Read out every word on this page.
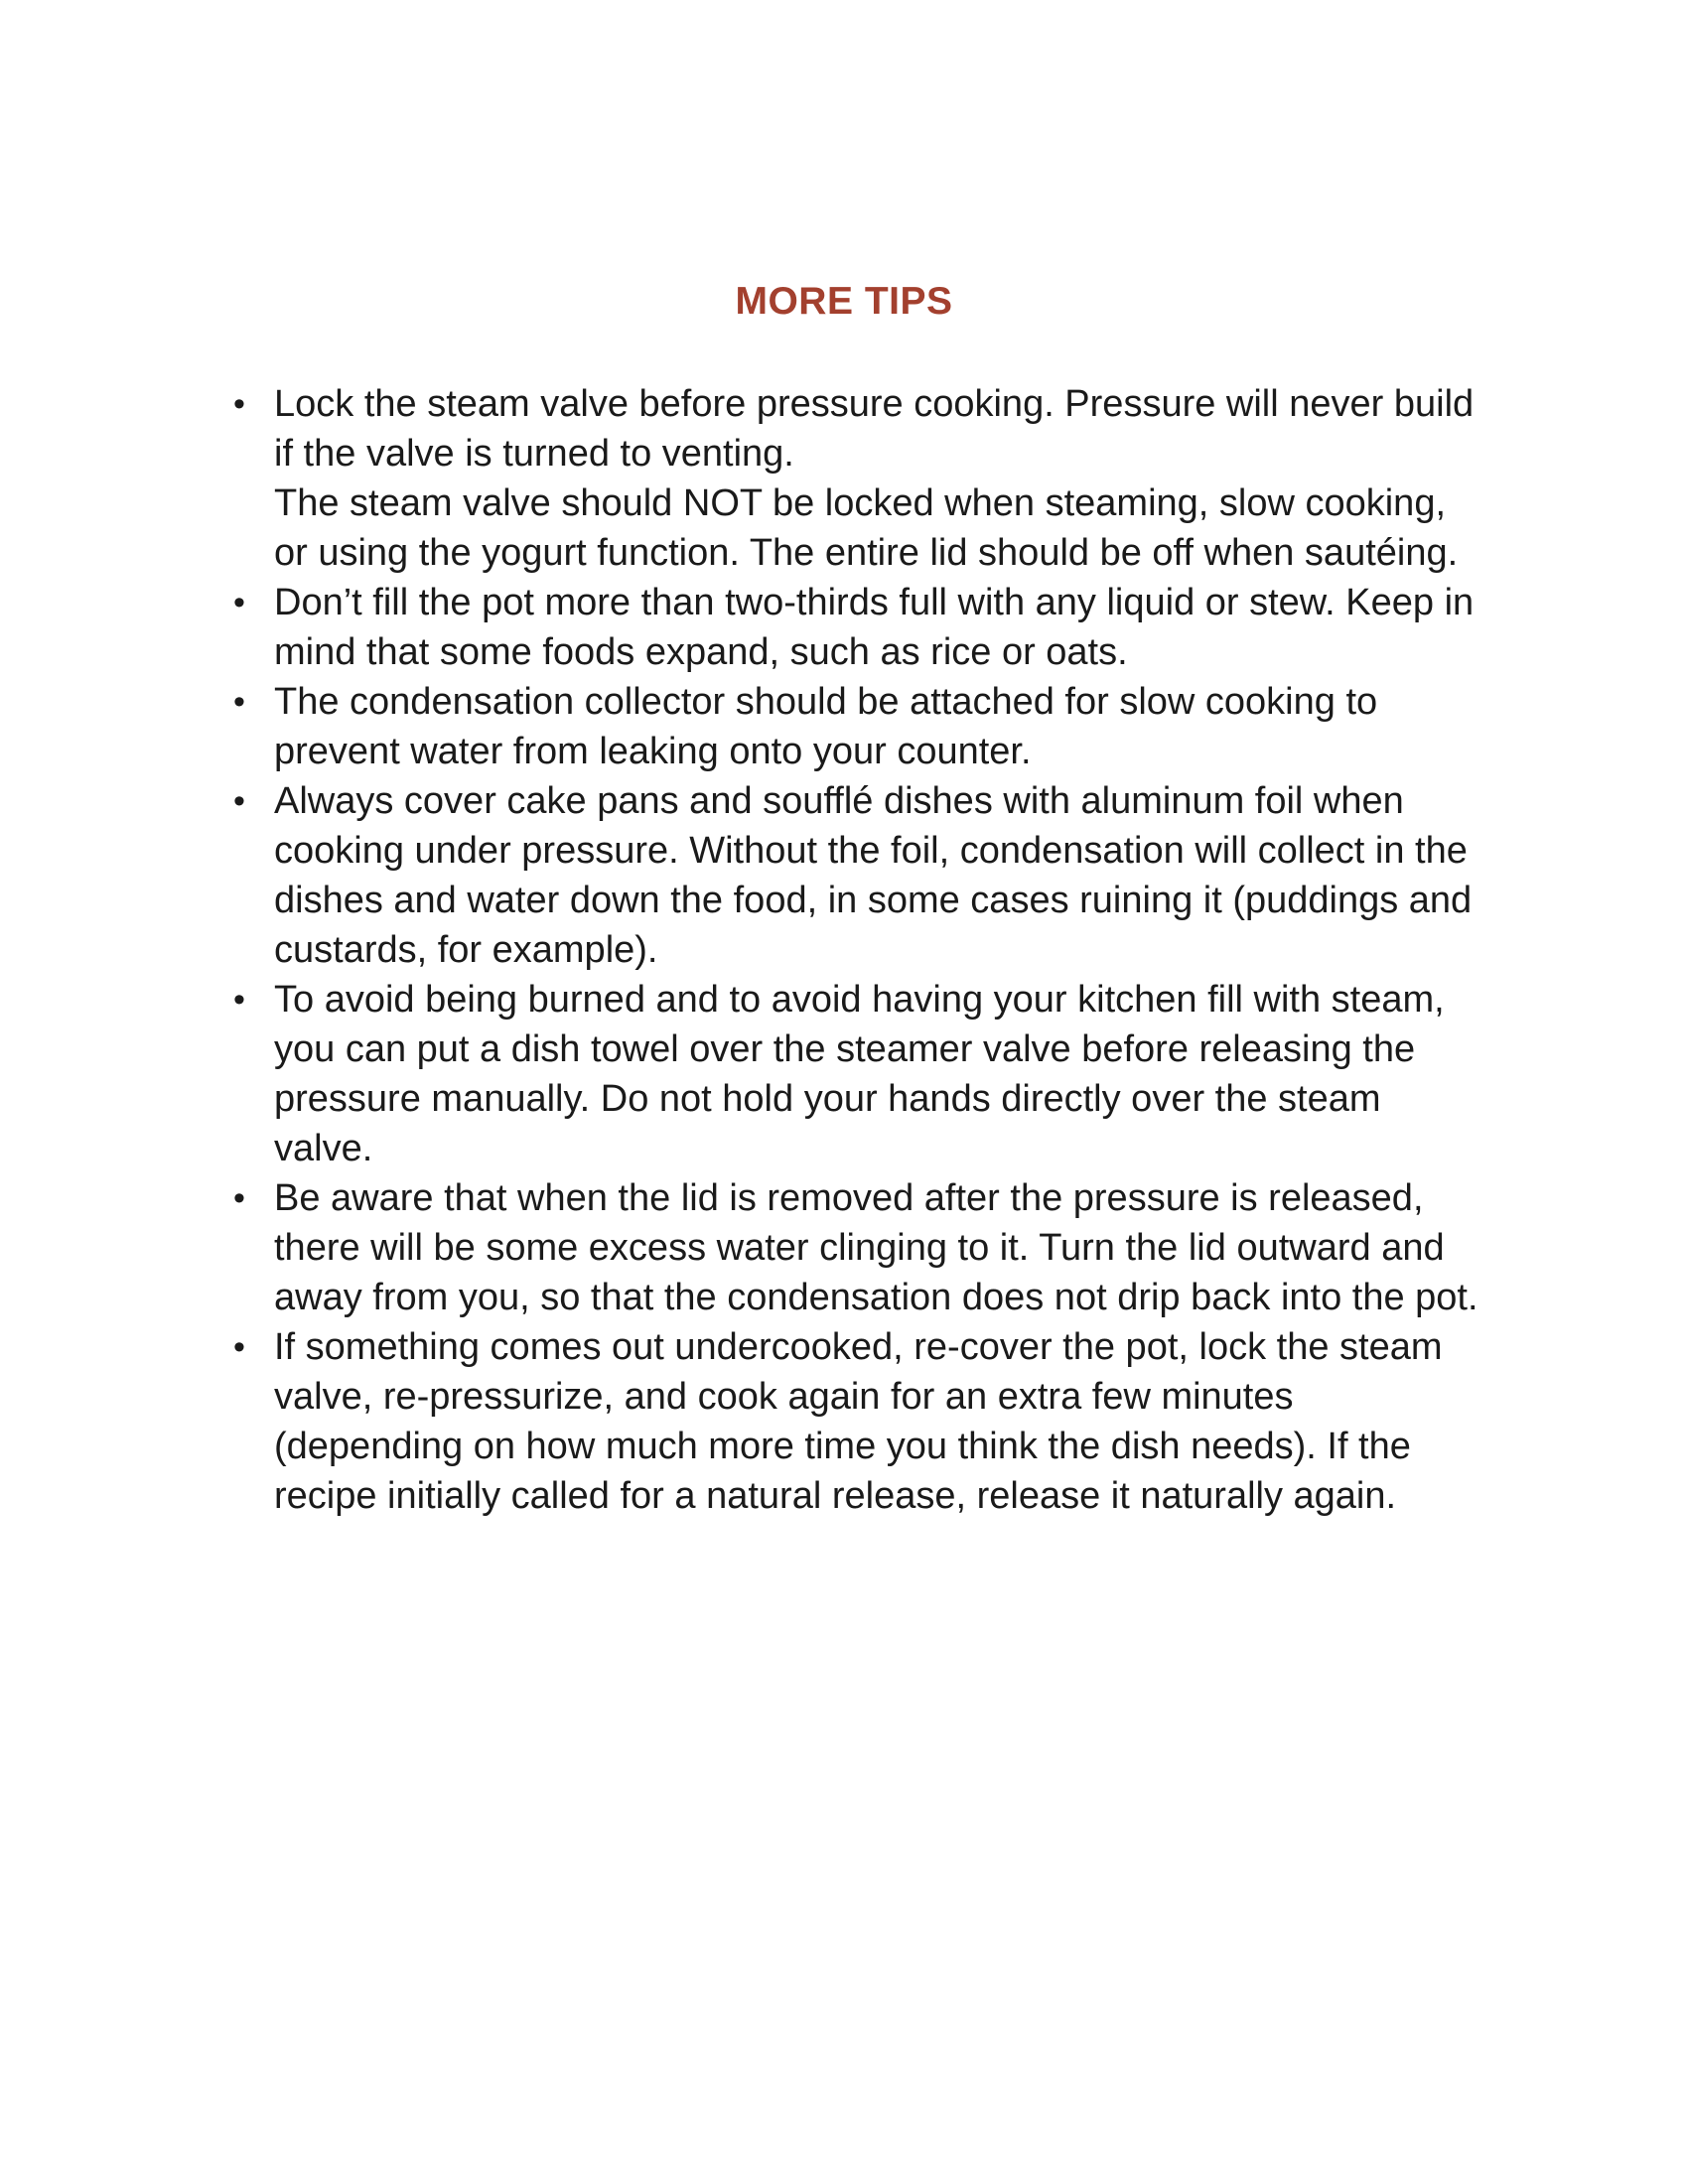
MORE TIPS
• Lock the steam valve before pressure cooking. Pressure will never build if the valve is turned to venting.
The steam valve should NOT be locked when steaming, slow cooking, or using the yogurt function. The entire lid should be off when sautéing.
• Don’t fill the pot more than two-thirds full with any liquid or stew. Keep in mind that some foods expand, such as rice or oats.
• The condensation collector should be attached for slow cooking to prevent water from leaking onto your counter.
• Always cover cake pans and soufflé dishes with aluminum foil when cooking under pressure. Without the foil, condensation will collect in the dishes and water down the food, in some cases ruining it (puddings and custards, for example).
• To avoid being burned and to avoid having your kitchen fill with steam, you can put a dish towel over the steamer valve before releasing the pressure manually. Do not hold your hands directly over the steam valve.
• Be aware that when the lid is removed after the pressure is released, there will be some excess water clinging to it. Turn the lid outward and away from you, so that the condensation does not drip back into the pot.
• If something comes out undercooked, re-cover the pot, lock the steam valve, re-pressurize, and cook again for an extra few minutes (depending on how much more time you think the dish needs). If the recipe initially called for a natural release, release it naturally again.
